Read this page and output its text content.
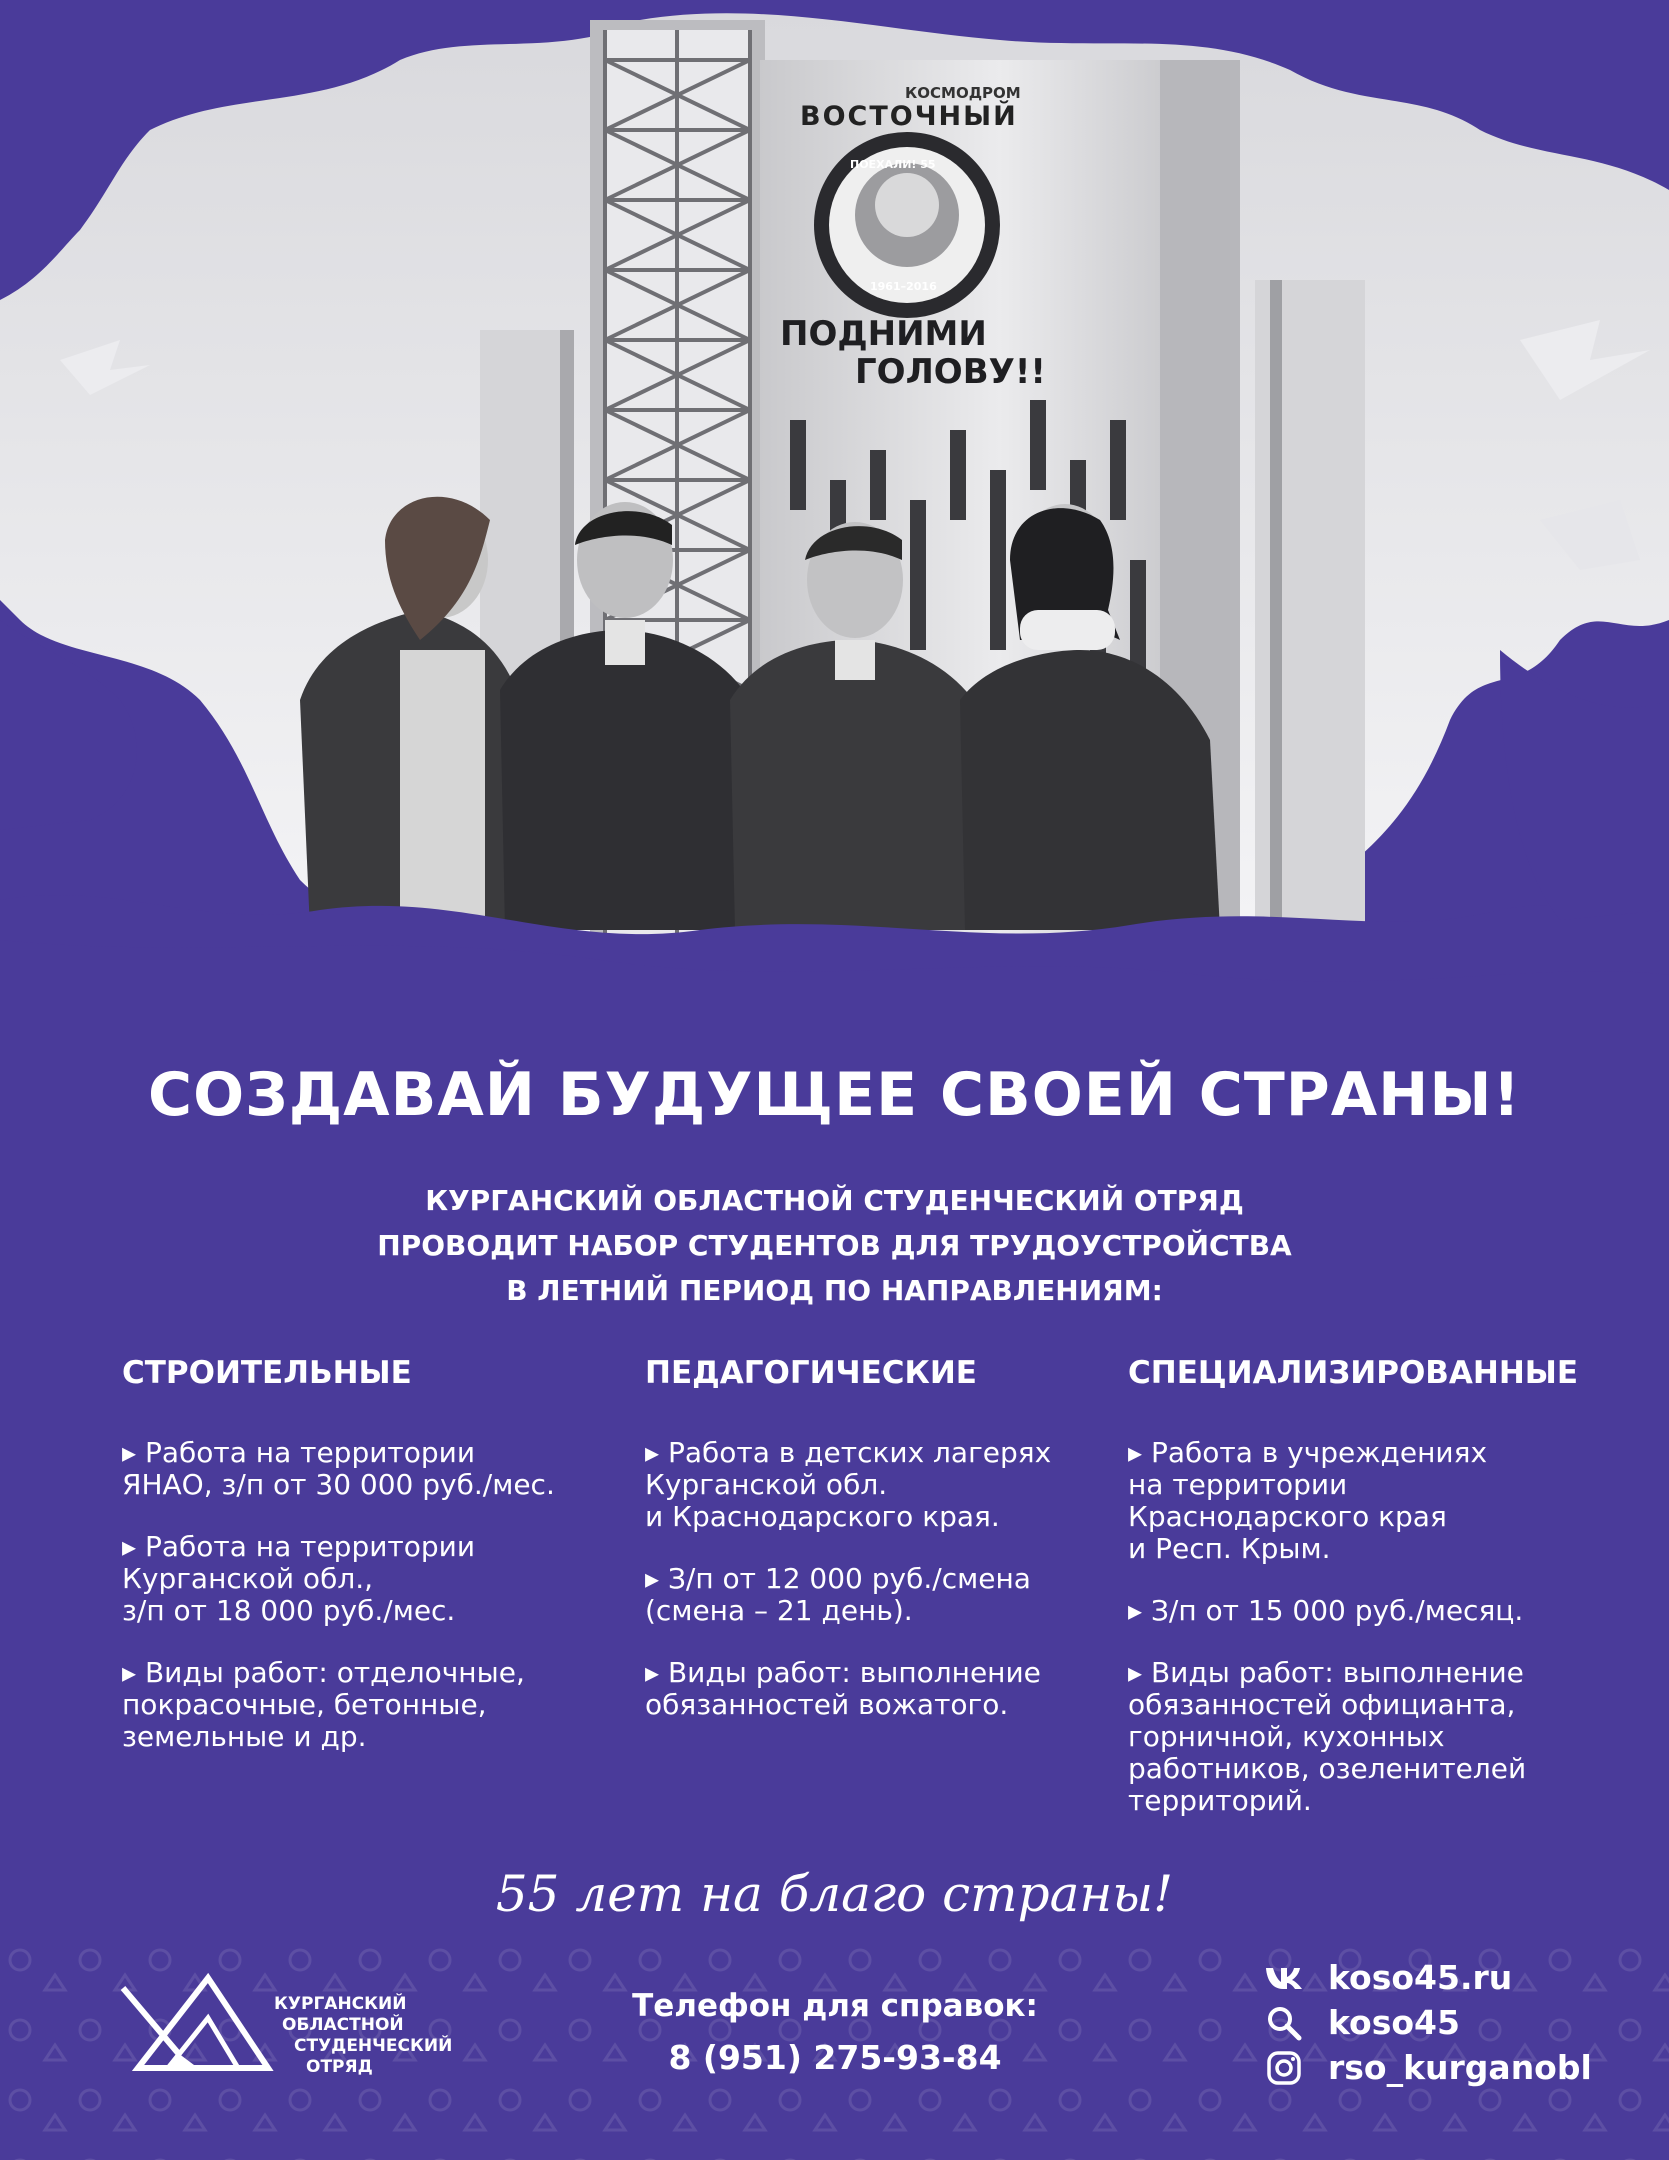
КОСМОДРОМ
ВОСТОЧНЫЙ
ПОЕХАЛИ! 55
1961–2016
ПОДНИМИ
ГОЛОВУ!!
СОЗДАВАЙ БУДУЩЕЕ СВОЕЙ СТРАНЫ!
КУРГАНСКИЙ ОБЛАСТНОЙ СТУДЕНЧЕСКИЙ ОТРЯД
ПРОВОДИТ НАБОР СТУДЕНТОВ ДЛЯ ТРУДОУСТРОЙСТВА
В ЛЕТНИЙ ПЕРИОД ПО НАПРАВЛЕНИЯМ:
СТРОИТЕЛЬНЫЕ
▸ Работа на территории
ЯНАО, з/п от 30 000 руб./мес.
▸ Работа на территории
Курганской обл.,
з/п от 18 000 руб./мес.
▸ Виды работ: отделочные,
покрасочные, бетонные,
земельные и др.
ПЕДАГОГИЧЕСКИЕ
▸ Работа в детских лагерях
Курганской обл.
и Краснодарского края.
▸ З/п от 12 000 руб./смена
(смена – 21 день).
▸ Виды работ: выполнение
обязанностей вожатого.
СПЕЦИАЛИЗИРОВАННЫЕ
▸ Работа в учреждениях
на территории
Краснодарского края
и Респ. Крым.
▸ З/п от 15 000 руб./месяц.
▸ Виды работ: выполнение
обязанностей официанта,
горничной, кухонных
работников, озеленителей
территорий.
55 лет на благо страны!
КУРГАНСКИЙ
ОБЛАСТНОЙ
СТУДЕНЧЕСКИЙ
ОТРЯД
Телефон для справок:
8 (951) 275-93-84
koso45.ru
koso45
rso_kurganobl
